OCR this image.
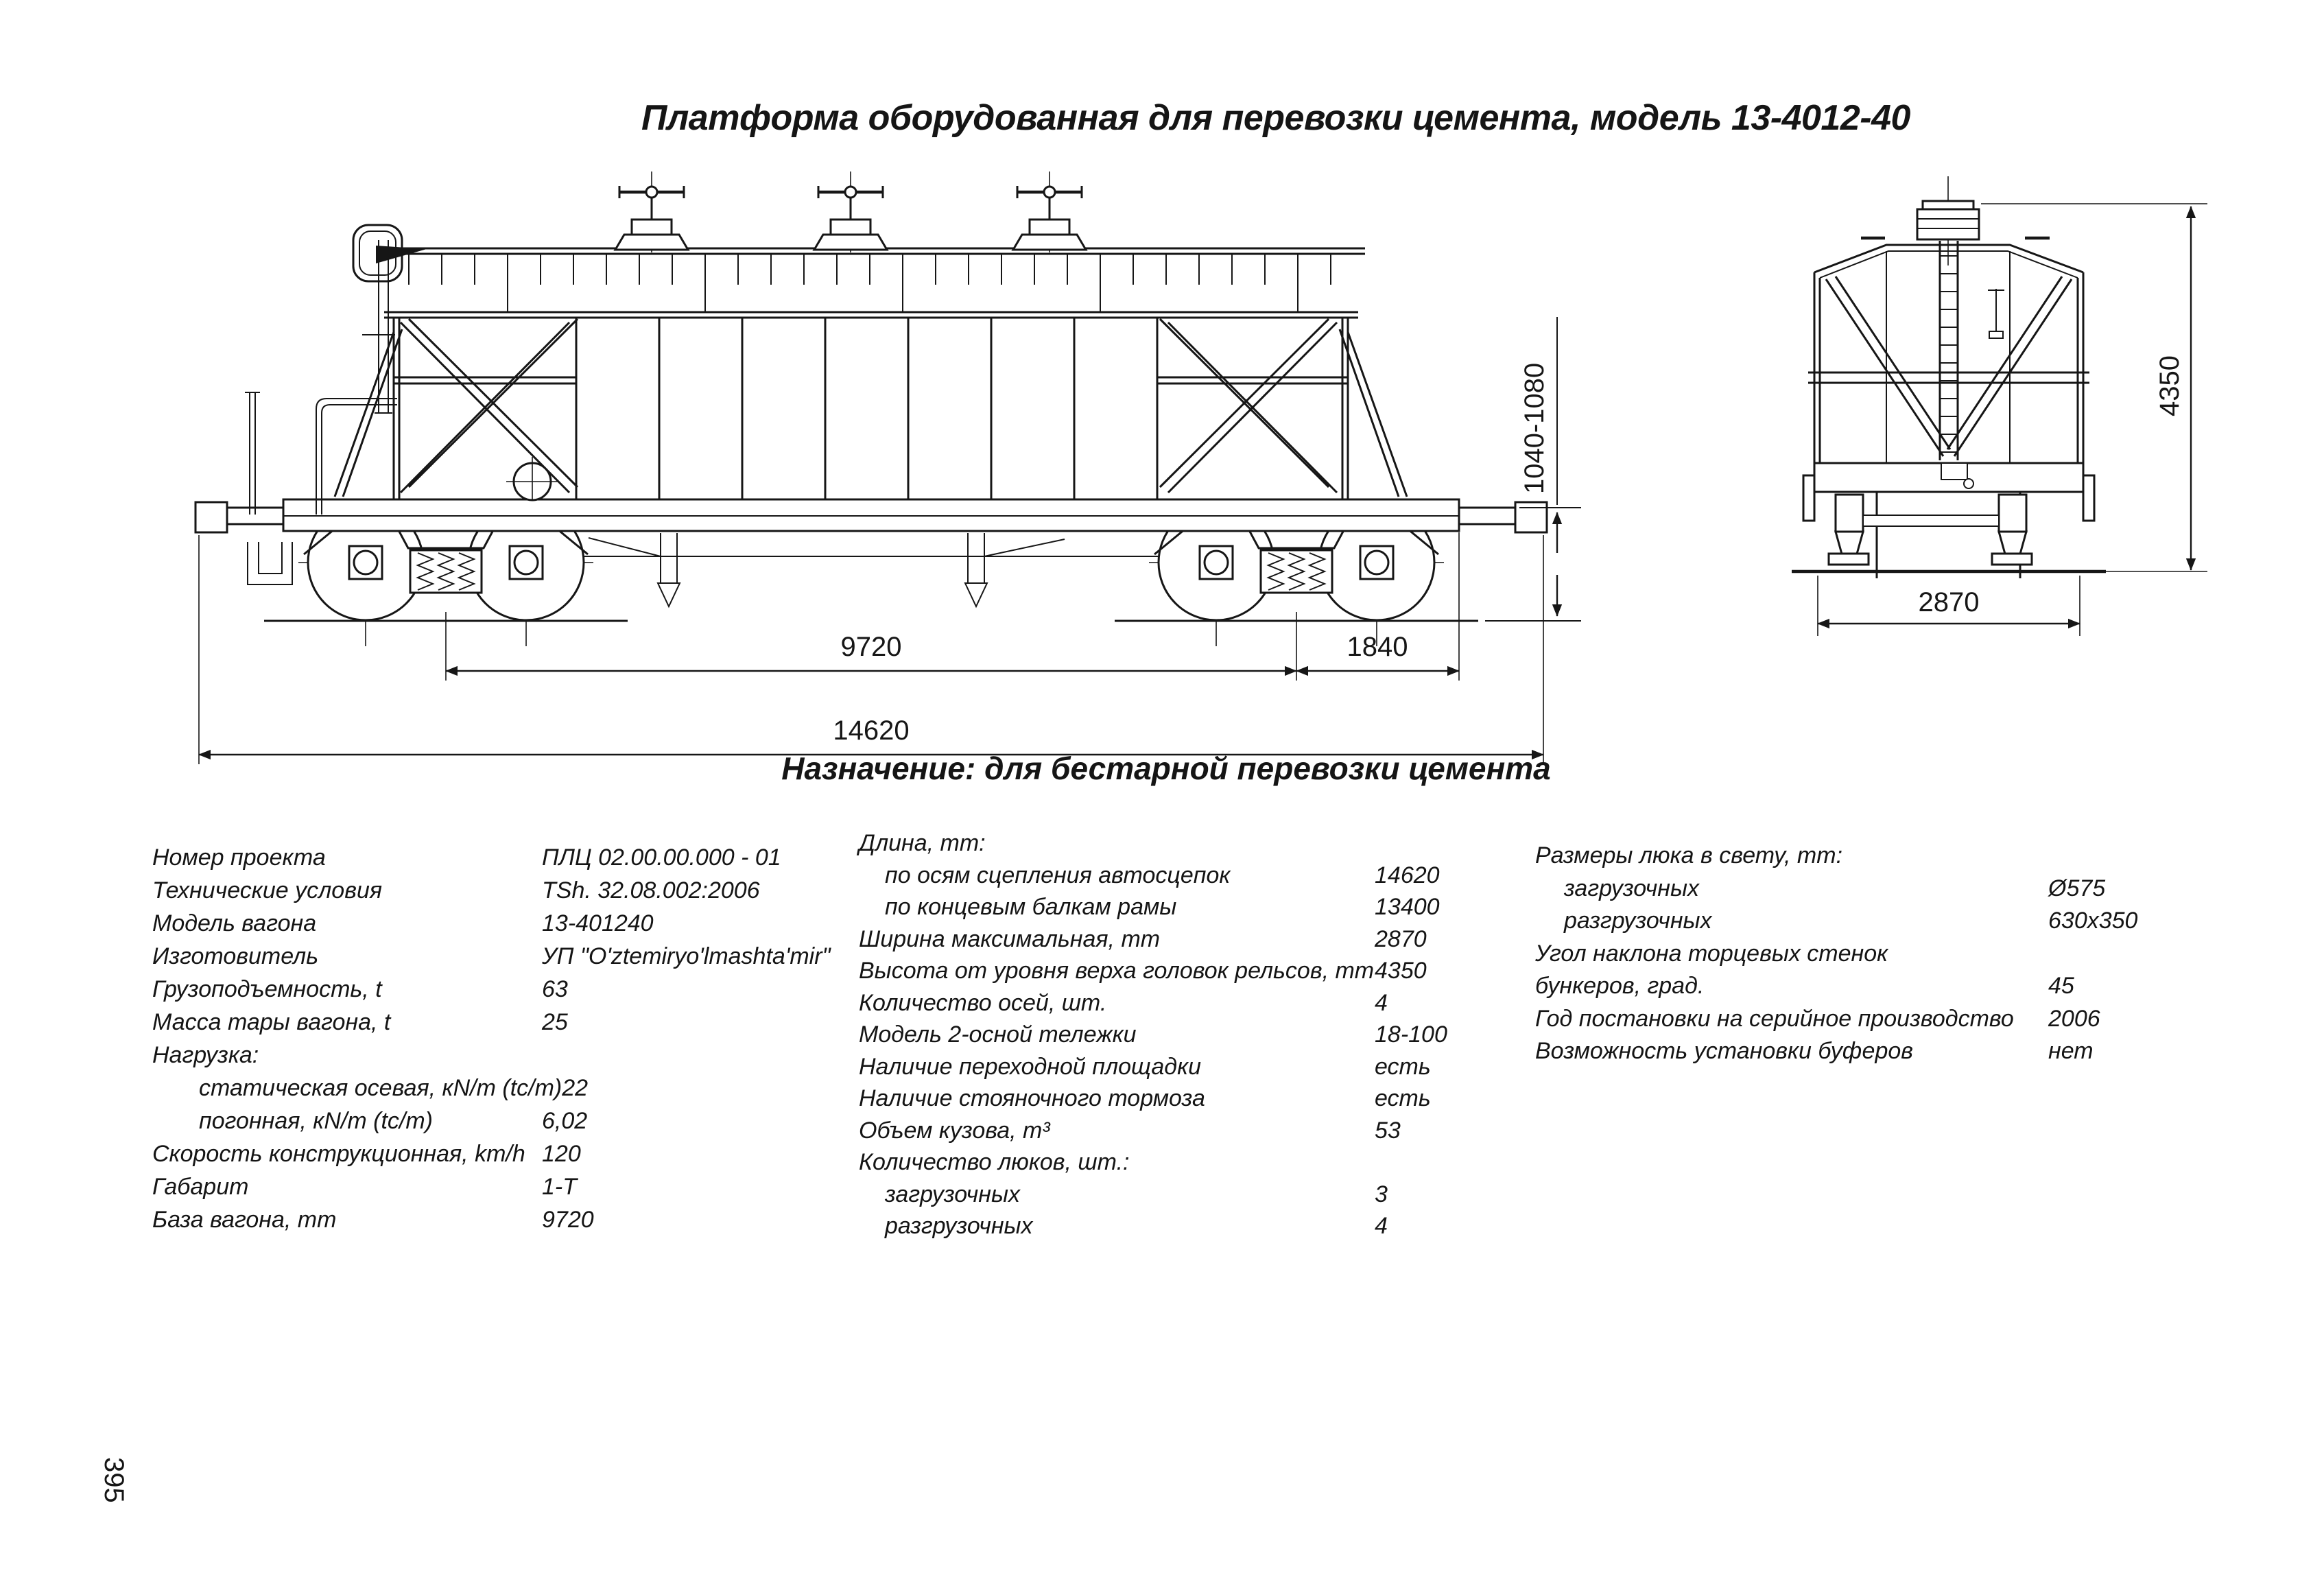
Платформа оборудованная для перевозки цемента, модель 13-4012-40
9720	1840
14620
1040-1080	4350
2870
Назначение: для бестарной перевозки цемента
Номер проекта	ПЛЦ 02.00.00.000 - 01
Технические условия	TSh. 32.08.002:2006
Модель вагона	13-401240
Изготовитель	УП "O'ztemiryo'lmashta'mir"
Грузоподъемность, t	63
Масса тары вагона, t	25
Нагрузка:
статическая осевая, кN/m (tc/m) 22
погонная, кN/m (tc/m)	6,02
Скорость конструкционная, km/h 120
Габарит	1-Т
База вагона, mm	9720
Длина, mm:
по осям сцепления автосцепок	14620
по концевым балкам рамы	13400
Ширина максимальная, mm	2870
Высота от уровня верха головок рельсов, mm 4350
Количество осей, шт.	4
Модель 2-осной тележки	18-100
Наличие переходной площадки	есть
Наличие стояночного тормоза	есть
Объем кузова, m³	53
Количество люков, шт.:
загрузочных	3
разгрузочных	4
Размеры люка в свету, mm:
загрузочных	Ø575
разгрузочных	630x350
Угол наклона торцевых стенок
бункеров, град.	45
Год постановки на серийное производство	2006
Возможность установки буферов	нет
395
